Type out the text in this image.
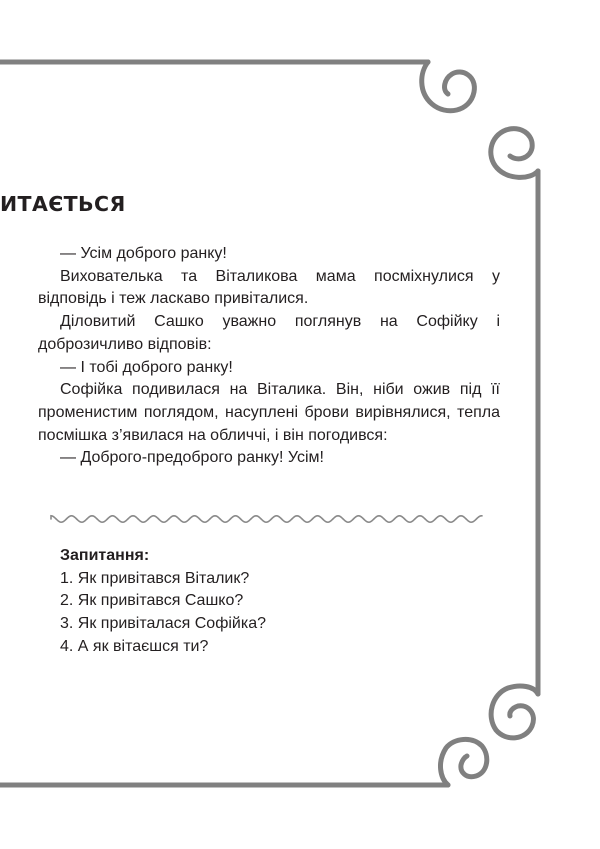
ИТАЄТЬСЯ

— Усім доброго ранку!

Вихователька та Віталикова мама посміхнулися у відповідь і теж ласкаво привіталися.

Діловитий Сашко уважно поглянув на Софійку і доброзичливо відповів:

— І тобі доброго ранку!

Софійка подивилася на Віталика. Він, ніби ожив під її променистим поглядом, насуплені брови вирівнялися, тепла посмішка з’явилася на обличчі, і він погодився:

— Доброго-предоброго ранку! Усім!

Запитання:

1. Як привітався Віталик?
2. Як привітався Сашко?
3. Як привіталася Софійка?
4. А як вітаєшся ти?
